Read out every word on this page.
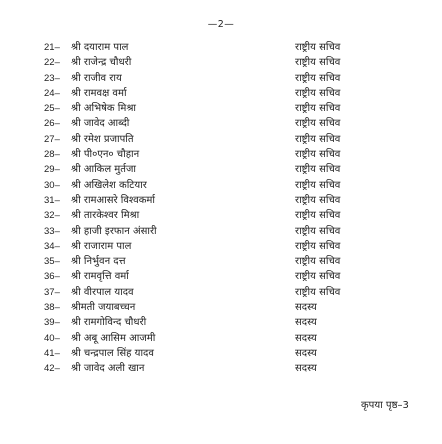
—2—
21–	श्री दयाराम पाल	राष्ट्रीय सचिव
22–	श्री राजेन्द्र चौधरी	राष्ट्रीय सचिव
23–	श्री राजीव राय	राष्ट्रीय सचिव
24–	श्री रामवक्ष वर्मा	राष्ट्रीय सचिव
25–	श्री अभिषेक मिश्रा	राष्ट्रीय सचिव
26–	श्री जावेद आब्दी	राष्ट्रीय सचिव
27–	श्री रमेश प्रजापति	राष्ट्रीय सचिव
28–	श्री पी०एन० चौहान	राष्ट्रीय सचिव
29–	श्री आकिल मुर्तजा	राष्ट्रीय सचिव
30–	श्री अखिलेश कटियार	राष्ट्रीय सचिव
31–	श्री रामआसरे विश्वकर्मा	राष्ट्रीय सचिव
32–	श्री तारकेश्वर मिश्रा	राष्ट्रीय सचिव
33–	श्री हाजी इरफान अंसारी	राष्ट्रीय सचिव
34–	श्री राजाराम पाल	राष्ट्रीय सचिव
35–	श्री निर्भुवन दत्त	राष्ट्रीय सचिव
36–	श्री रामवृत्ति वर्मा	राष्ट्रीय सचिव
37–	श्री वीरपाल यादव	राष्ट्रीय सचिव
38–	श्रीमती जयाबच्चन	सदस्य
39–	श्री रामगोविन्द चौधरी	सदस्य
40–	श्री अबू आसिम आजमी	सदस्य
41–	श्री चन्द्रपाल सिंह यादव	सदस्य
42–	श्री जावेद अली खान	सदस्य
कृपया पृष्ठ–3
